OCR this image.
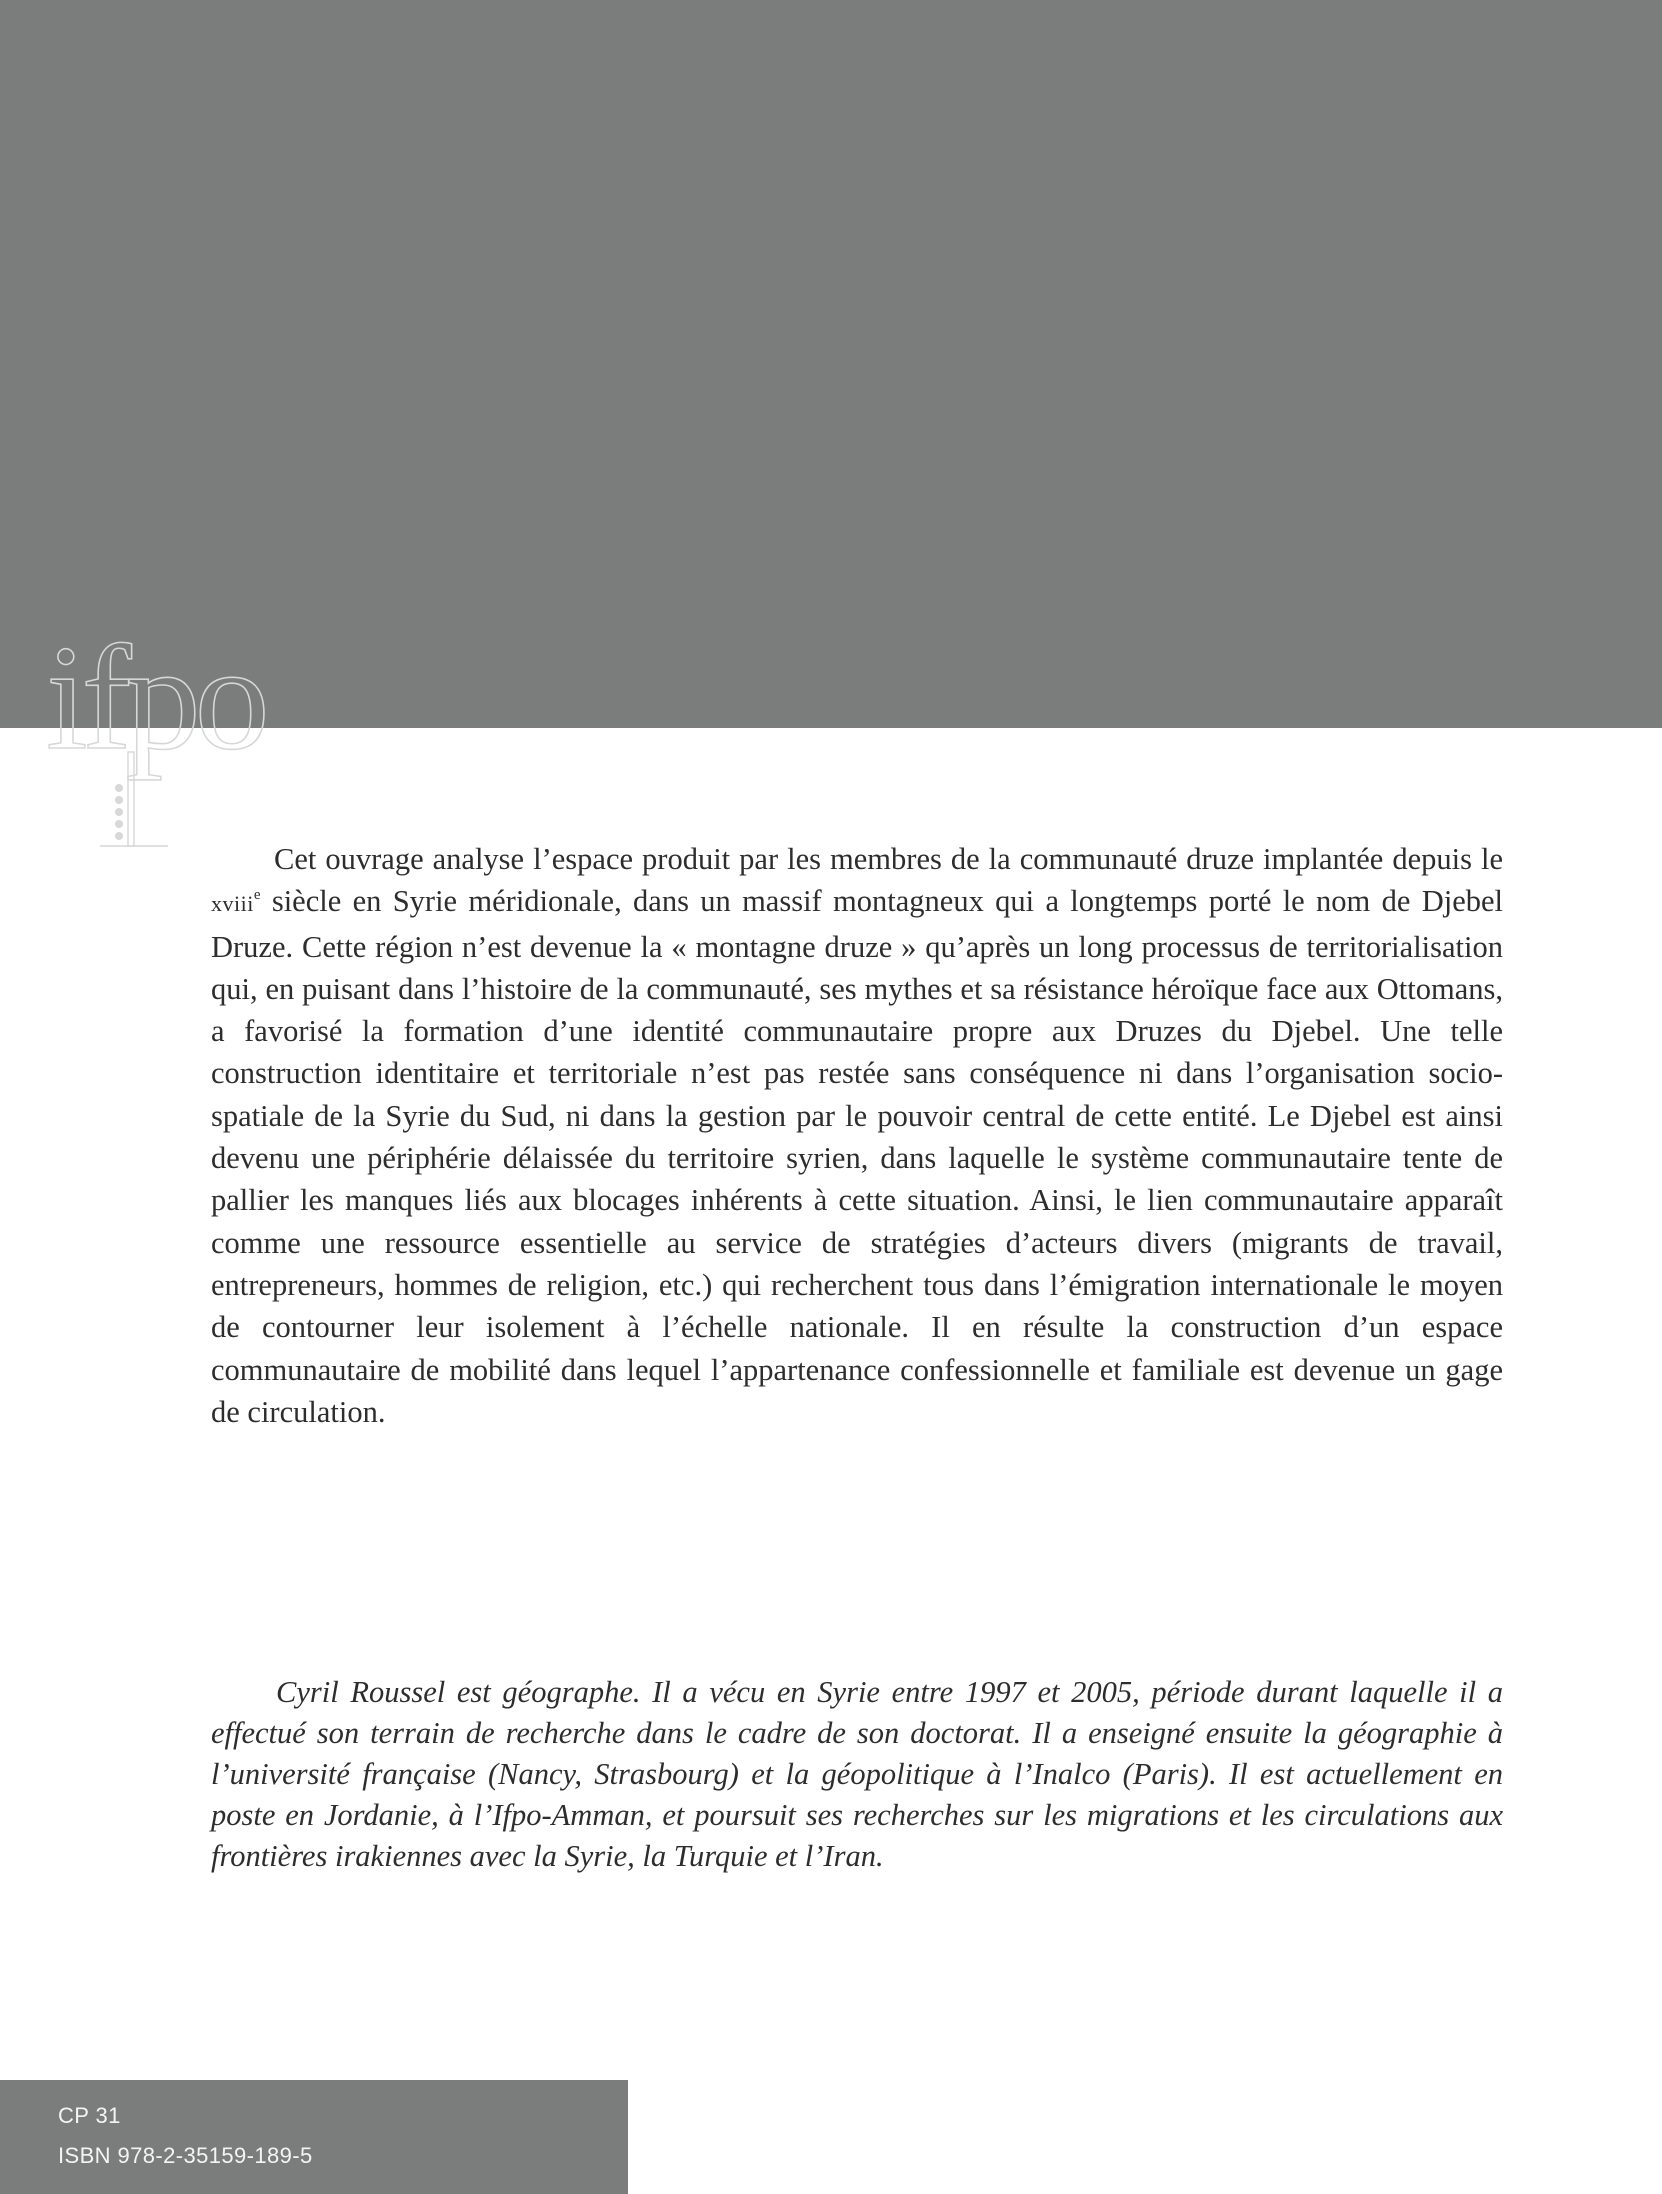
ifpo

Cet ouvrage analyse l’espace produit par les membres de la communauté druze implantée depuis le xviii$^e$ siècle en Syrie méridionale, dans un massif montagneux qui a longtemps porté le nom de Djebel Druze. Cette région n’est devenue la « montagne druze » qu’après un long processus de territorialisation qui, en puisant dans l’histoire de la communauté, ses mythes et sa résistance héroïque face aux Ottomans, a favorisé la formation d’une identité communautaire propre aux Druzes du Djebel. Une telle construction identitaire et territoriale n’est pas restée sans conséquence ni dans l’organisation socio-spatiale de la Syrie du Sud, ni dans la gestion par le pouvoir central de cette entité. Le Djebel est ainsi devenu une périphérie délaissée du territoire syrien, dans laquelle le système communautaire tente de pallier les manques liés aux blocages inhérents à cette situation. Ainsi, le lien communautaire apparaît comme une ressource essentielle au service de stratégies d’acteurs divers (migrants de travail, entrepreneurs, hommes de religion, etc.) qui recherchent tous dans l’émigration internationale le moyen de contourner leur isolement à l’échelle nationale. Il en résulte la construction d’un espace communautaire de mobilité dans lequel l’appartenance confessionnelle et familiale est devenue un gage de circulation.

Cyril Roussel est géographe. Il a vécu en Syrie entre 1997 et 2005, période durant laquelle il a effectué son terrain de recherche dans le cadre de son doctorat. Il a enseigné ensuite la géographie à l’université française (Nancy, Strasbourg) et la géopolitique à l’Inalco (Paris). Il est actuellement en poste en Jordanie, à l’Ifpo-Amman, et poursuit ses recherches sur les migrations et les circulations aux frontières irakiennes avec la Syrie, la Turquie et l’Iran.

CP 31
ISBN 978-2-35159-189-5
